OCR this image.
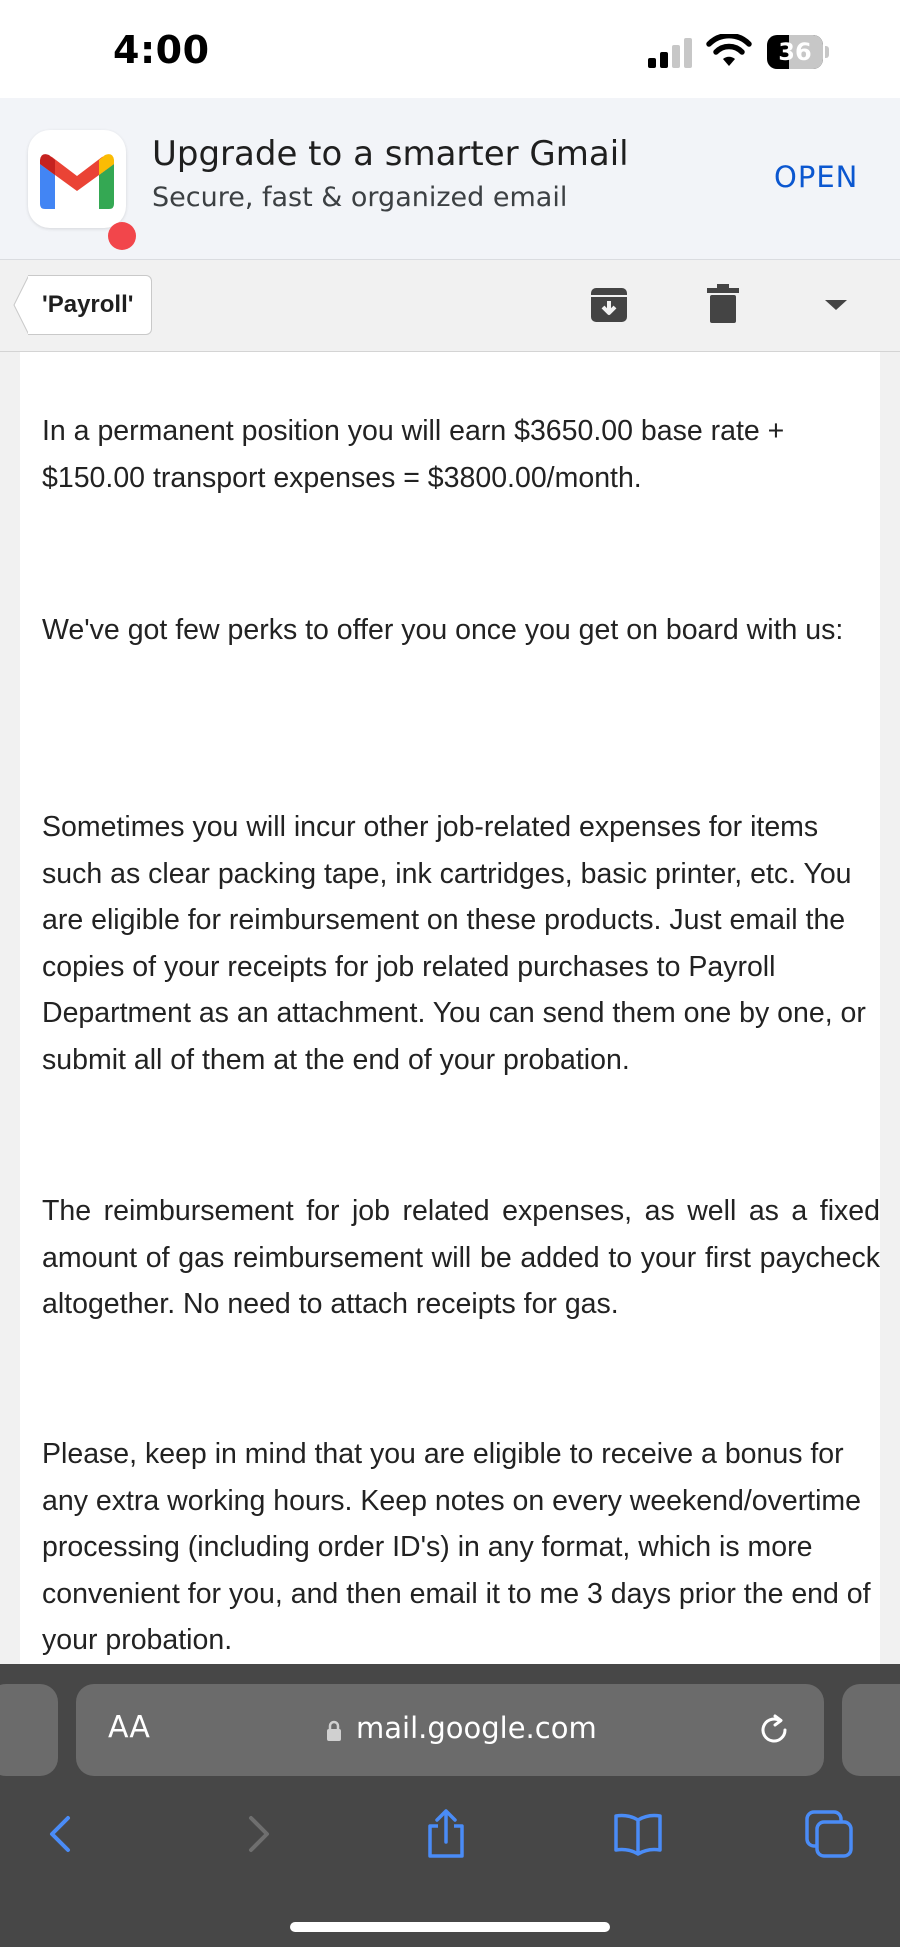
4:00	36
Upgrade to a smarter Gmail
Secure, fast & organized email
OPEN
'Payroll'

In a permanent position you will earn $3650.00 base rate + $150.00 transport expenses = $3800.00/month.

We've got few perks to offer you once you get on board with us:

Sometimes you will incur other job-related expenses for items such as clear packing tape, ink cartridges, basic printer, etc. You are eligible for reimbursement on these products. Just email the copies of your receipts for job related purchases to Payroll Department as an attachment. You can send them one by one, or submit all of them at the end of your probation.

The reimbursement for job related expenses, as well as a fixed amount of gas reimbursement will be added to your first paycheck altogether. No need to attach receipts for gas.

Please, keep in mind that you are eligible to receive a bonus for any extra working hours. Keep notes on every weekend/overtime processing (including order ID's) in any format, which is more convenient for you, and then email it to me 3 days prior the end of your probation.

AA	mail.google.com
